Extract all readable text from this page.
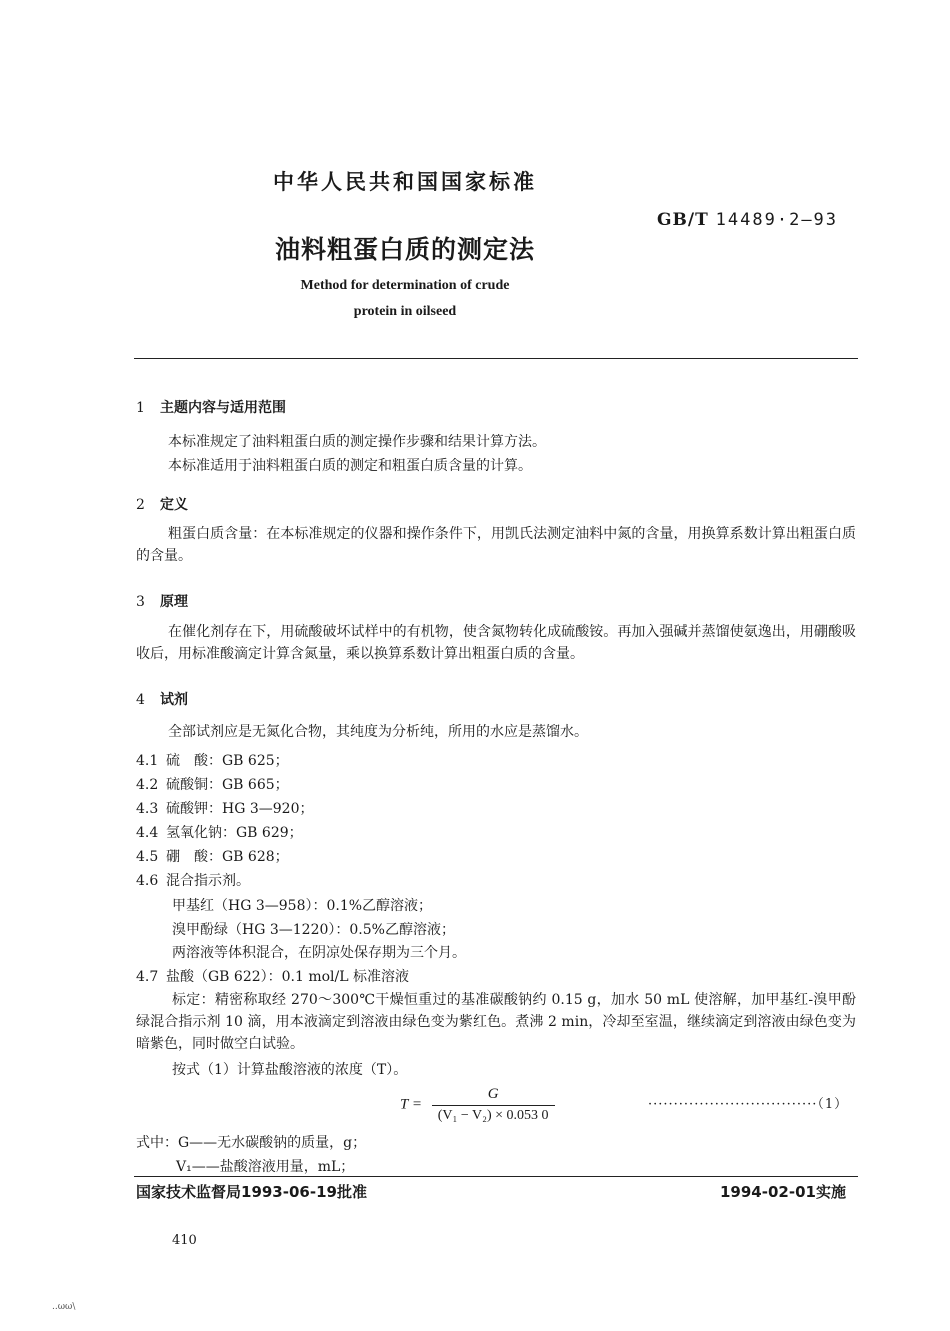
中华人民共和国国家标准
GB/T 14489·2—93
油料粗蛋白质的测定法
Method for determination of crude
protein in oilseed
1 主题内容与适用范围
本标准规定了油料粗蛋白质的测定操作步骤和结果计算方法。
本标准适用于油料粗蛋白质的测定和粗蛋白质含量的计算。
2 定义
粗蛋白质含量：在本标准规定的仪器和操作条件下，用凯氏法测定油料中氮的含量，用换算系数计算出粗蛋白质的含量。
3 原理
在催化剂存在下，用硫酸破坏试样中的有机物，使含氮物转化成硫酸铵。再加入强碱并蒸馏使氨逸出，用硼酸吸收后，用标准酸滴定计算含氮量，乘以换算系数计算出粗蛋白质的含量。
4 试剂
全部试剂应是无氮化合物，其纯度为分析纯，所用的水应是蒸馏水。
4.1 硫　酸：GB 625；
4.2 硫酸铜：GB 665；
4.3 硫酸钾：HG 3—920；
4.4 氢氧化钠：GB 629；
4.5 硼　酸：GB 628；
4.6 混合指示剂。
甲基红（HG 3—958）：0.1%乙醇溶液；
溴甲酚绿（HG 3—1220）：0.5%乙醇溶液；
两溶液等体积混合，在阴凉处保存期为三个月。
4.7 盐酸（GB 622）：0.1 mol/L 标准溶液
标定：精密称取经 270～300℃干燥恒重过的基准碳酸钠约 0.15 g，加水 50 mL 使溶解，加甲基红-溴甲酚绿混合指示剂 10 滴，用本液滴定到溶液由绿色变为紫红色。煮沸 2 min，冷却至室温，继续滴定到溶液由绿色变为暗紫色，同时做空白试验。
按式（1）计算盐酸溶液的浓度（T）。
$T = \frac{G}{\text{(V₁ − V₂) × 0.053 0}}$	·································（1）
式中：G——无水碳酸钠的质量，g；
V₁——盐酸溶液用量，mL；
国家技术监督局1993-06-19批准	1994-02-01实施
410
..ωω\
